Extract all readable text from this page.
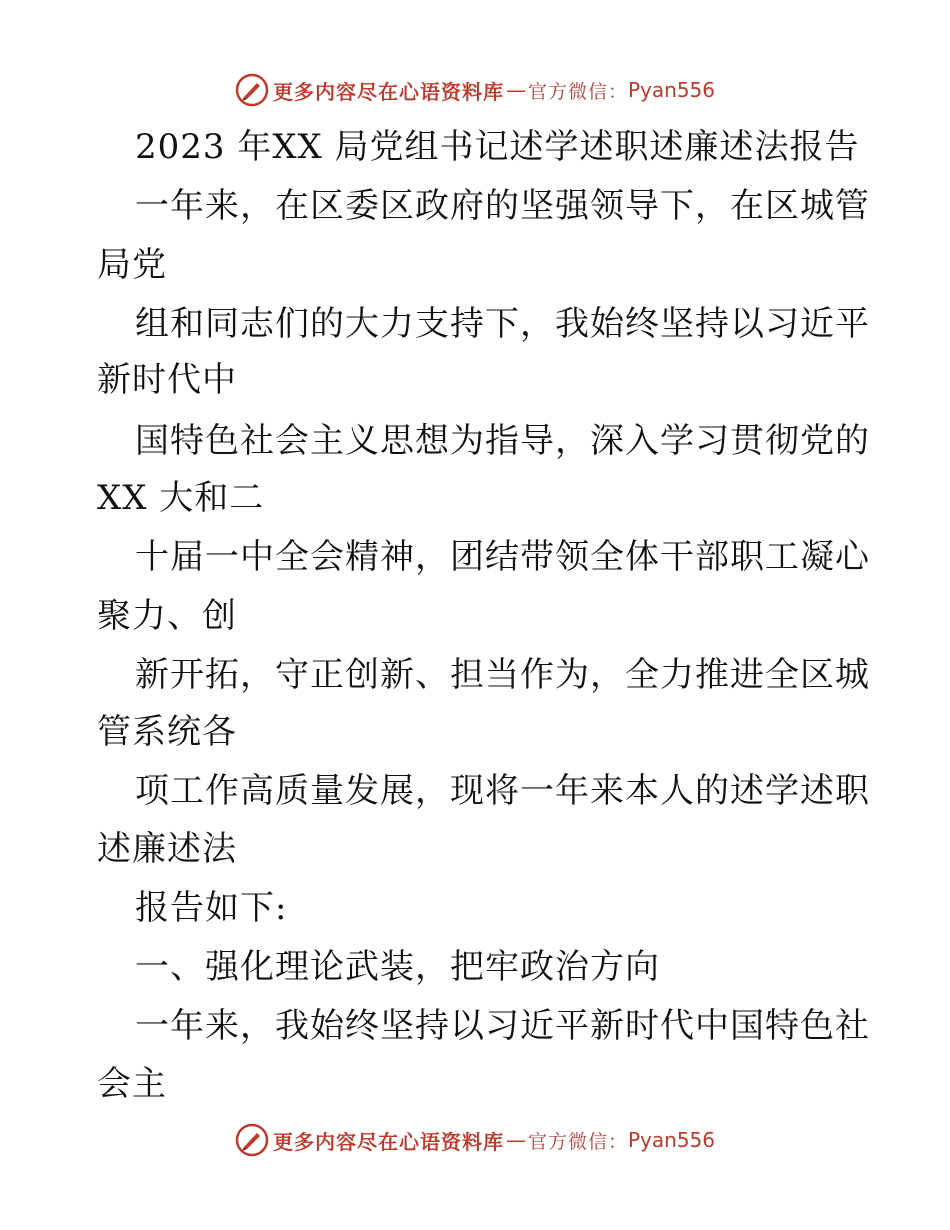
更多内容尽在心语资料库 — 官方微信： Pyan556
2023 年XX 局党组书记述学述职述廉述法报告
一年来，在区委区政府的坚强领导下，在区城管
局党
组和同志们的大力支持下，我始终坚持以习近平
新时代中
国特色社会主义思想为指导，深入学习贯彻党的
XX 大和二
十届一中全会精神，团结带领全体干部职工凝心
聚力、创
新开拓，守正创新、担当作为，全力推进全区城
管系统各
项工作高质量发展，现将一年来本人的述学述职
述廉述法
报告如下:
一、强化理论武装，把牢政治方向
一年来，我始终坚持以习近平新时代中国特色社
会主
更多内容尽在心语资料库 — 官方微信： Pyan556
